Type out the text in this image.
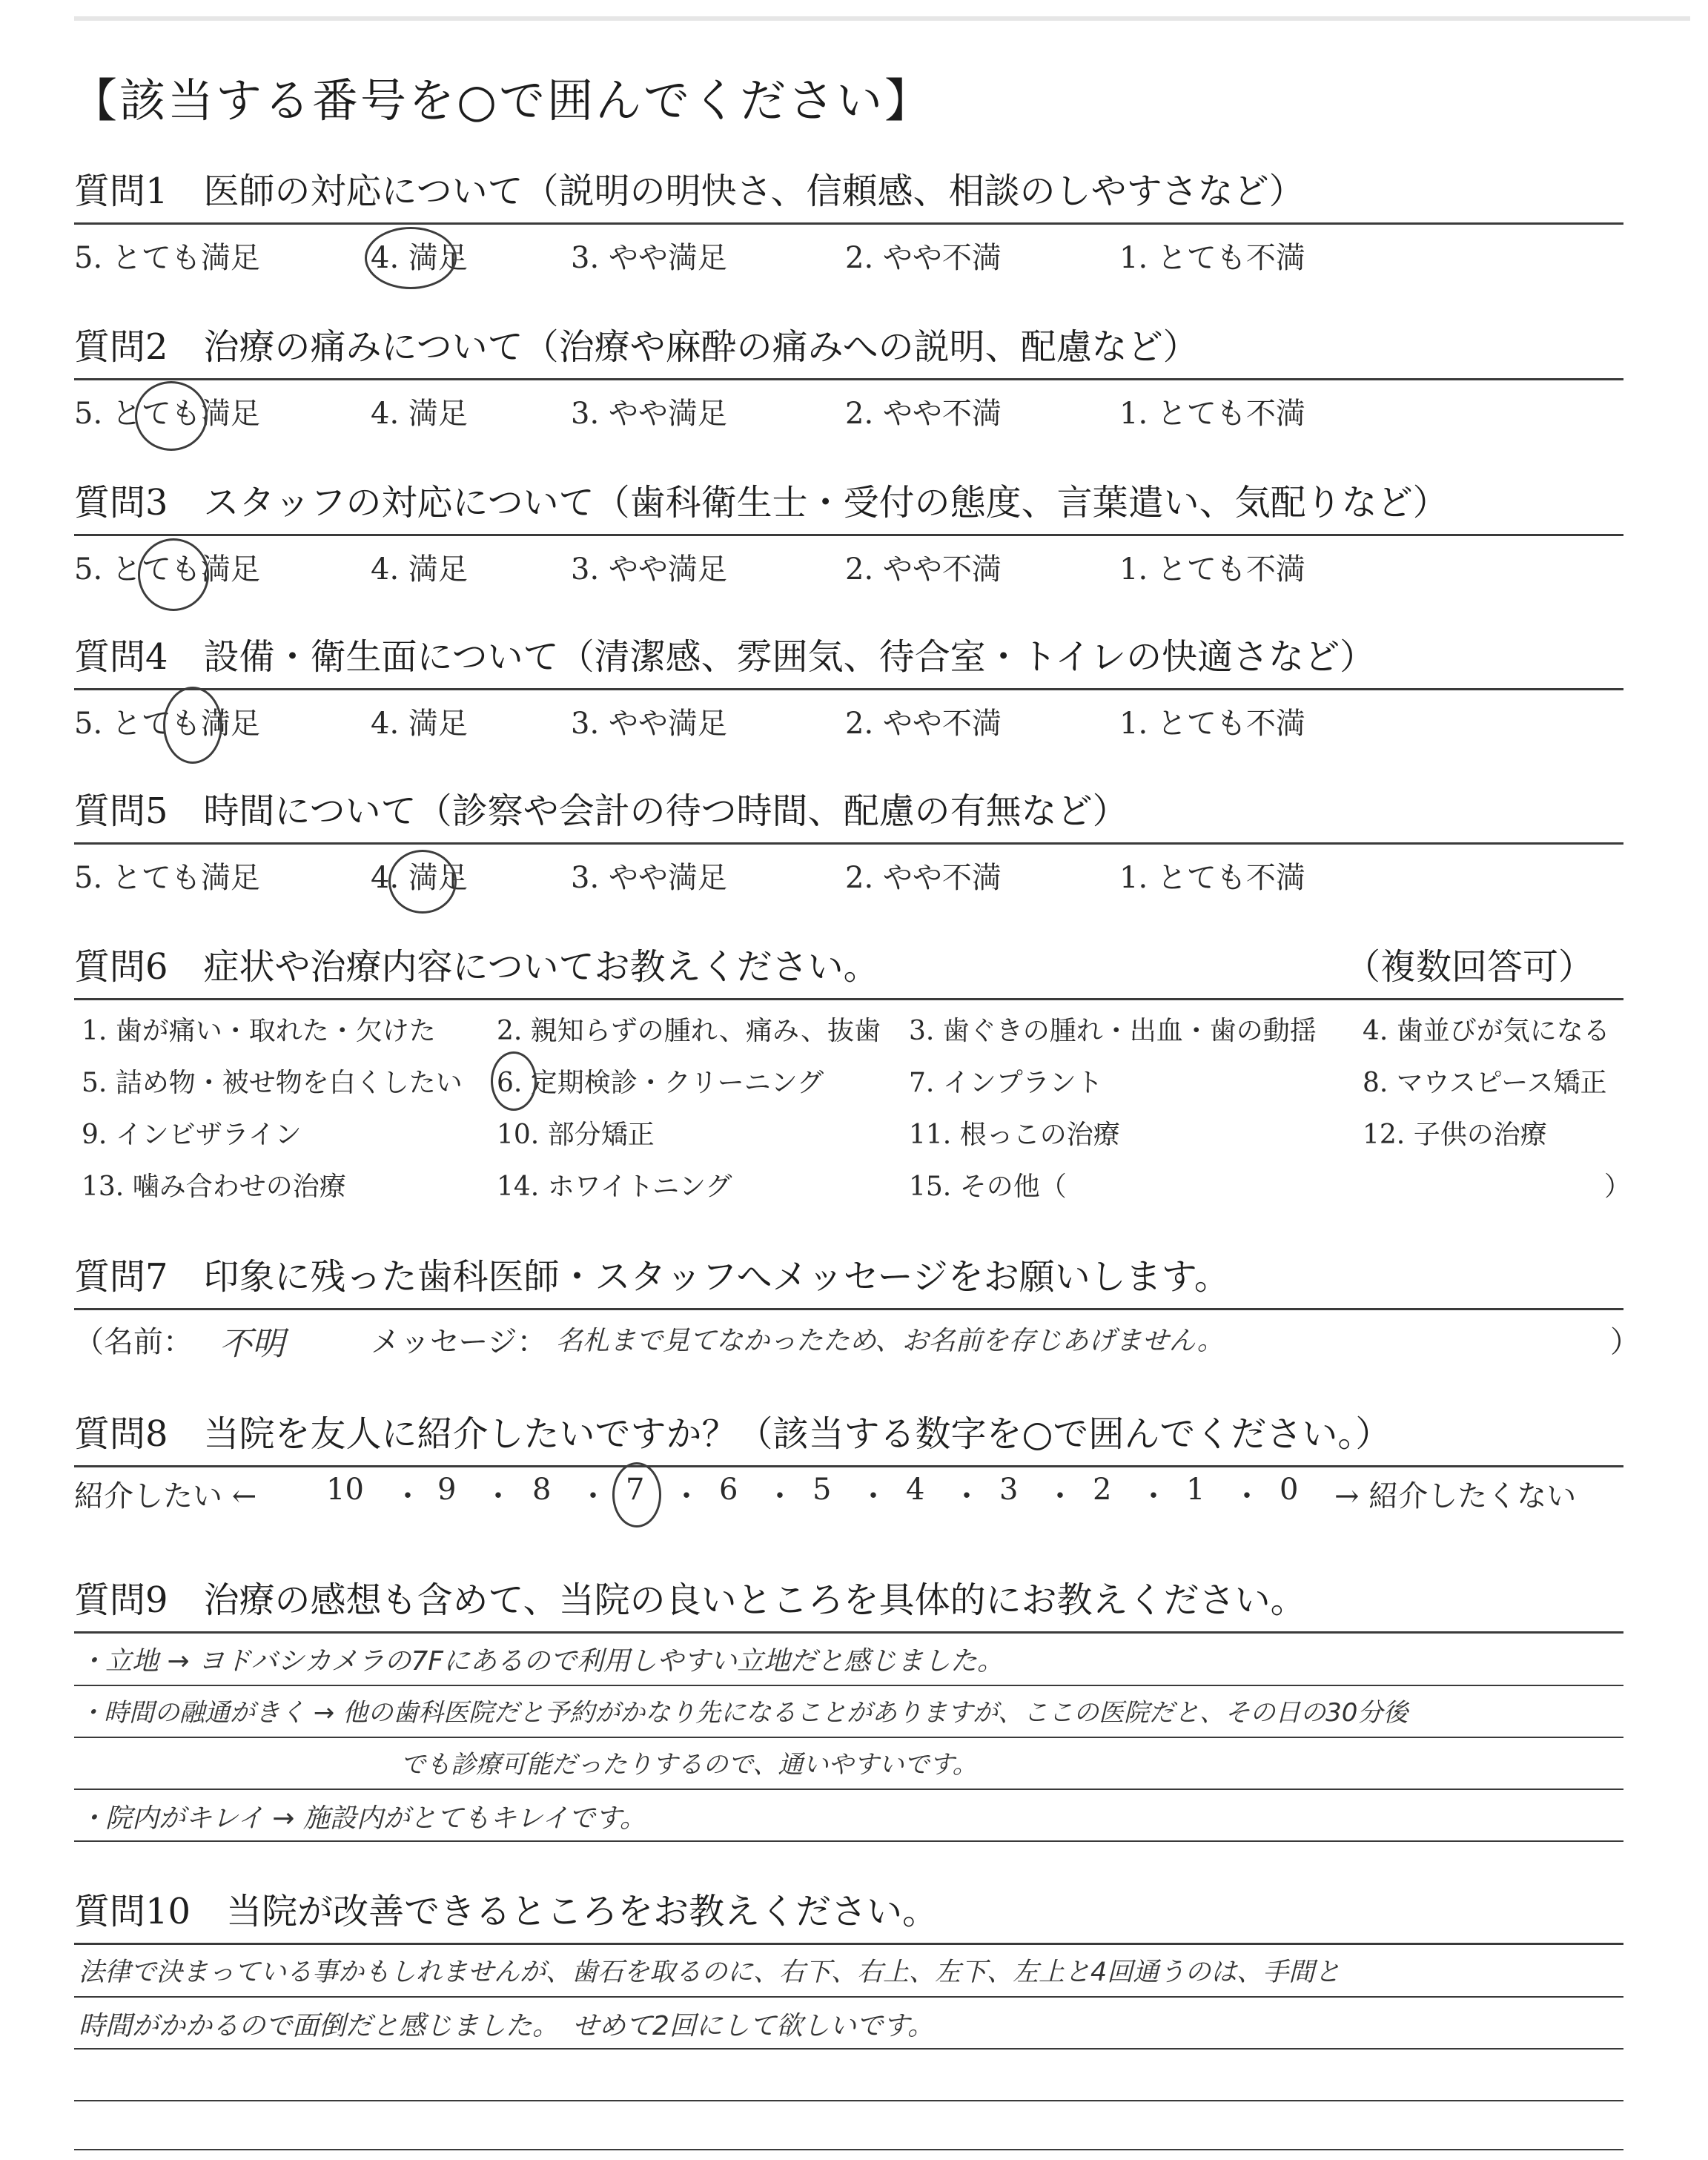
【該当する番号を○で囲んでください】
質問1　医師の対応について（説明の明快さ、信頼感、相談のしやすさなど）
5. とても満足	4. 満足	3. やや満足	2. やや不満	1. とても不満
質問2　治療の痛みについて（治療や麻酔の痛みへの説明、配慮など）
5. とても満足	4. 満足	3. やや満足	2. やや不満	1. とても不満
質問3　スタッフの対応について（歯科衛生士・受付の態度、言葉遣い、気配りなど）
5. とても満足	4. 満足	3. やや満足	2. やや不満	1. とても不満
質問4　設備・衛生面について（清潔感、雰囲気、待合室・トイレの快適さなど）
5. とても満足	4. 満足	3. やや満足	2. やや不満	1. とても不満
質問5　時間について（診察や会計の待つ時間、配慮の有無など）
5. とても満足	4. 満足	3. やや満足	2. やや不満	1. とても不満
質問6　症状や治療内容についてお教えください。	（複数回答可）
1. 歯が痛い・取れた・欠けた 2. 親知らずの腫れ、痛み、抜歯 3. 歯ぐきの腫れ・出血・歯の動揺 4. 歯並びが気になる
5. 詰め物・被せ物を白くしたい 6. 定期検診・クリーニング	7. インプラント	8. マウスピース矯正
9. インビザライン	10. 部分矯正	11. 根っこの治療	12. 子供の治療
13. 噛み合わせの治療	14. ホワイトニング	15. その他（	）
質問7　印象に残った歯科医師・スタッフへメッセージをお願いします。
（名前： 不明	メッセージ： 名札まで見てなかったため、お名前を存じあげません。	）
質問8　当院を友人に紹介したいですか？（該当する数字を○で囲んでください。）
紹介したい ← 10 ・ 9 ・ 8 ・ 7 ・ 6 ・ 5 ・ 4 ・ 3 ・ 2 ・ 1 ・ 0 → 紹介したくない
質問9　治療の感想も含めて、当院の良いところを具体的にお教えください。
・立地 → ヨドバシカメラの7Fにあるので利用しやすい立地だと感じました。
・時間の融通がきく → 他の歯科医院だと予約がかなり先になることがありますが、ここの医院だと、その日の30分後
でも診療可能だったりするので、通いやすいです。
・院内がキレイ → 施設内がとてもキレイです。
質問10　当院が改善できるところをお教えください。
法律で決まっている事かもしれませんが、歯石を取るのに、右下、右上、左下、左上と4回通うのは、手間と
時間がかかるので面倒だと感じました。　せめて2回にして欲しいです。
